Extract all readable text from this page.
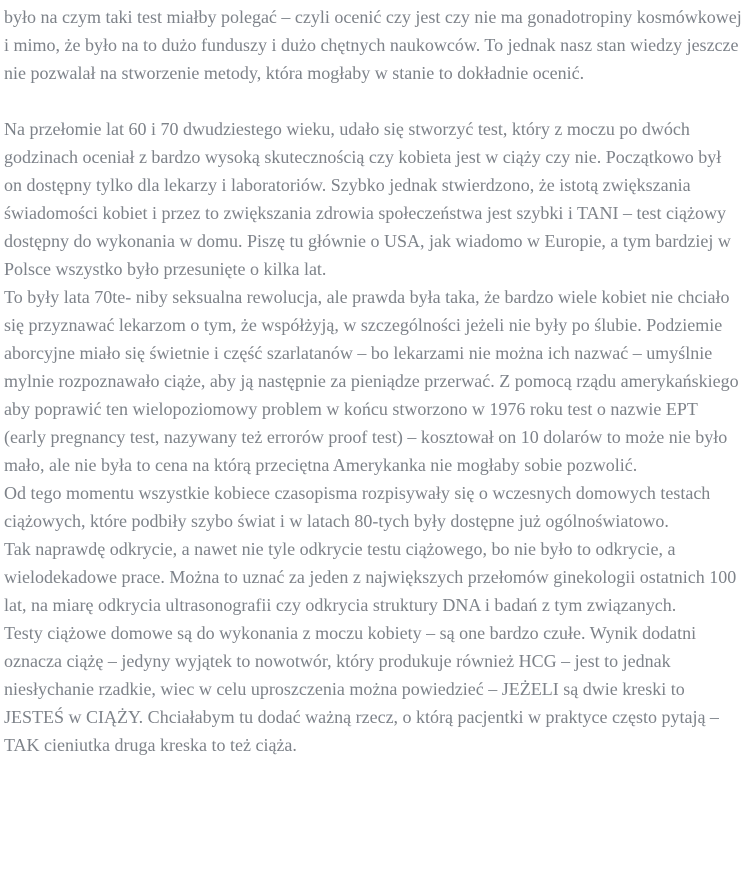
było na czym taki test miałby polegać – czyli ocenić czy jest czy nie ma gonadotropiny kosmówkowej i mimo, że było na to dużo funduszy i dużo chętnych naukowców. To jednak nasz stan wiedzy jeszcze nie pozwalał na stworzenie metody, która mogłaby w stanie to dokładnie ocenić.

Na przełomie lat 60 i 70 dwudziestego wieku, udało się stworzyć test, który z moczu po dwóch godzinach oceniał z bardzo wysoką skutecznością czy kobieta jest w ciąży czy nie. Początkowo był on dostępny tylko dla lekarzy i laboratoriów. Szybko jednak stwierdzono, że istotą zwiększania świadomości kobiet i przez to zwiększania zdrowia społeczeństwa jest szybki i TANI – test ciążowy dostępny do wykonania w domu. Piszę tu głównie o USA, jak wiadomo w Europie, a tym bardziej w Polsce wszystko było przesunięte o kilka lat.

To były lata 70te- niby seksualna rewolucja, ale prawda była taka, że bardzo wiele kobiet nie chciało się przyznawać lekarzom o tym, że współżyją, w szczególności jeżeli nie były po ślubie. Podziemie aborcyjne miało się świetnie i część szarlatanów – bo lekarzami nie można ich nazwać – umyślnie mylnie rozpoznawało ciąże, aby ją następnie za pieniądze przerwać. Z pomocą rządu amerykańskiego aby poprawić ten wielopoziomowy problem w końcu stworzono w 1976 roku test o nazwie EPT (early pregnancy test, nazywany też errorów proof test) – kosztował on 10 dolarów to może nie było mało, ale nie była to cena na którą przeciętna Amerykanka nie mogłaby sobie pozwolić.

Od tego momentu wszystkie kobiece czasopisma rozpisywały się o wczesnych domowych testach ciążowych, które podbiły szybo świat i w latach 80-tych były dostępne już ogólnoświatowo.

Tak naprawdę odkrycie, a nawet nie tyle odkrycie testu ciążowego, bo nie było to odkrycie, a wielodekadowe prace. Można to uznać za jeden z największych przełomów ginekologii ostatnich 100 lat, na miarę odkrycia ultrasonografii czy odkrycia struktury DNA i badań z tym związanych.

Testy ciążowe domowe są do wykonania z moczu kobiety – są one bardzo czułe. Wynik dodatni oznacza ciążę – jedyny wyjątek to nowotwór, który produkuje również HCG – jest to jednak niesłychanie rzadkie, wiec w celu uproszczenia można powiedzieć – JEŻELI są dwie kreski to JESTEŚ w CIĄŻY. Chciałabym tu dodać ważną rzecz, o którą pacjentki w praktyce często pytają – TAK cieniutka druga kreska to też ciąża.
